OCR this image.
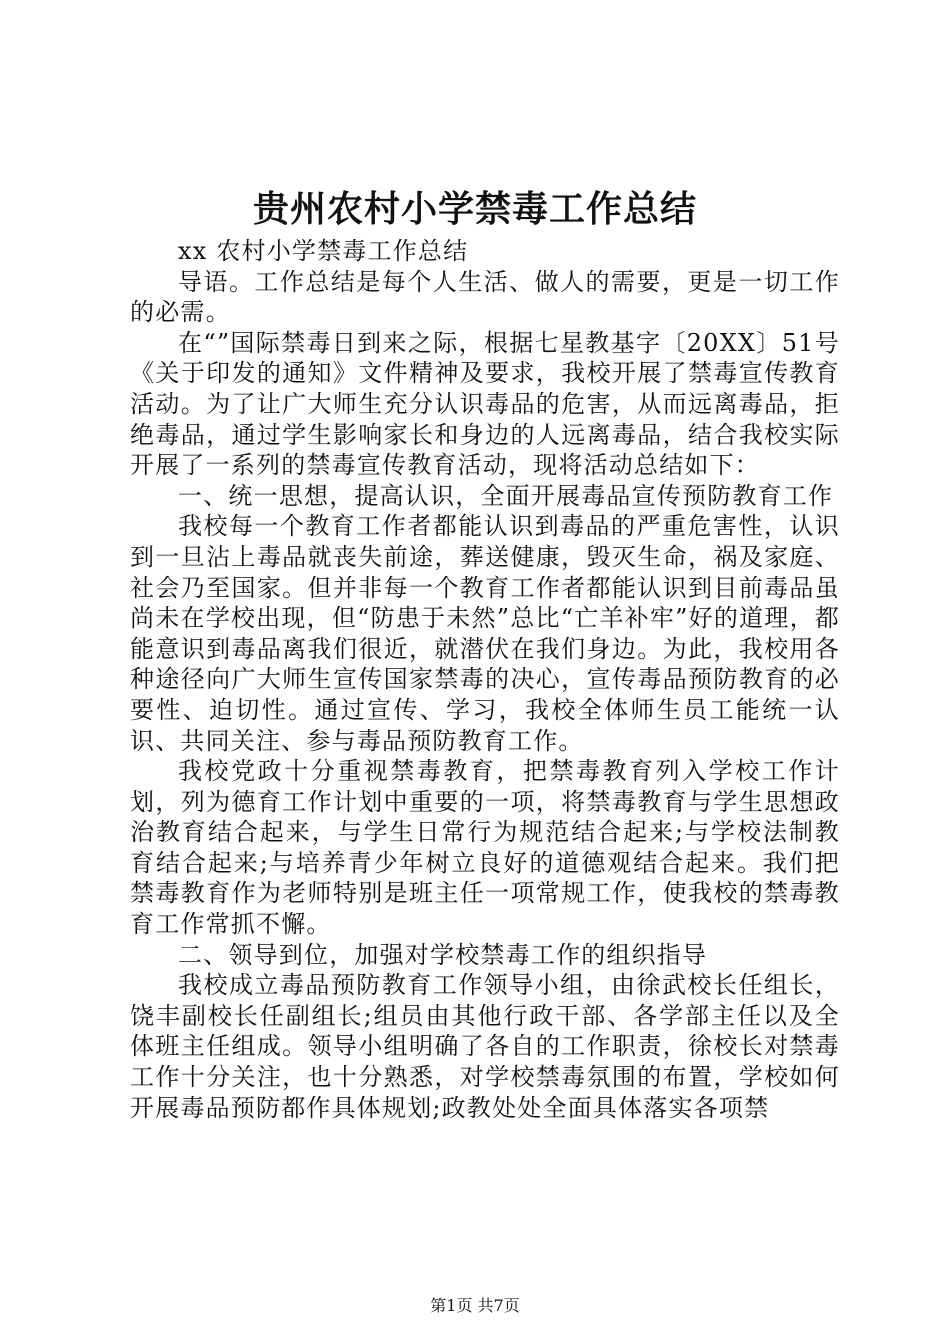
贵州农村小学禁毒工作总结

xx 农村小学禁毒工作总结

导语。工作总结是每个人生活、做人的需要，更是一切工作的必需。

在“”国际禁毒日到来之际，根据七星教基字〔20XX〕51号《关于印发的通知》文件精神及要求，我校开展了禁毒宣传教育活动。为了让广大师生充分认识毒品的危害，从而远离毒品，拒绝毒品，通过学生影响家长和身边的人远离毒品，结合我校实际开展了一系列的禁毒宣传教育活动，现将活动总结如下：

一、统一思想，提高认识，全面开展毒品宣传预防教育工作

我校每一个教育工作者都能认识到毒品的严重危害性，认识到一旦沾上毒品就丧失前途，葬送健康，毁灭生命，祸及家庭、社会乃至国家。但并非每一个教育工作者都能认识到目前毒品虽尚未在学校出现，但“防患于未然”总比“亡羊补牢”好的道理，都能意识到毒品离我们很近，就潜伏在我们身边。为此，我校用各种途径向广大师生宣传国家禁毒的决心，宣传毒品预防教育的必要性、迫切性。通过宣传、学习，我校全体师生员工能统一认识、共同关注、参与毒品预防教育工作。

我校党政十分重视禁毒教育，把禁毒教育列入学校工作计划，列为德育工作计划中重要的一项，将禁毒教育与学生思想政治教育结合起来，与学生日常行为规范结合起来;与学校法制教育结合起来;与培养青少年树立良好的道德观结合起来。我们把禁毒教育作为老师特别是班主任一项常规工作，使我校的禁毒教育工作常抓不懈。

二、领导到位，加强对学校禁毒工作的组织指导

我校成立毒品预防教育工作领导小组，由徐武校长任组长，饶丰副校长任副组长;组员由其他行政干部、各学部主任以及全体班主任组成。领导小组明确了各自的工作职责，徐校长对禁毒工作十分关注，也十分熟悉，对学校禁毒氛围的布置，学校如何开展毒品预防都作具体规划;政教处处全面具体落实各项禁

第1页 共7页
